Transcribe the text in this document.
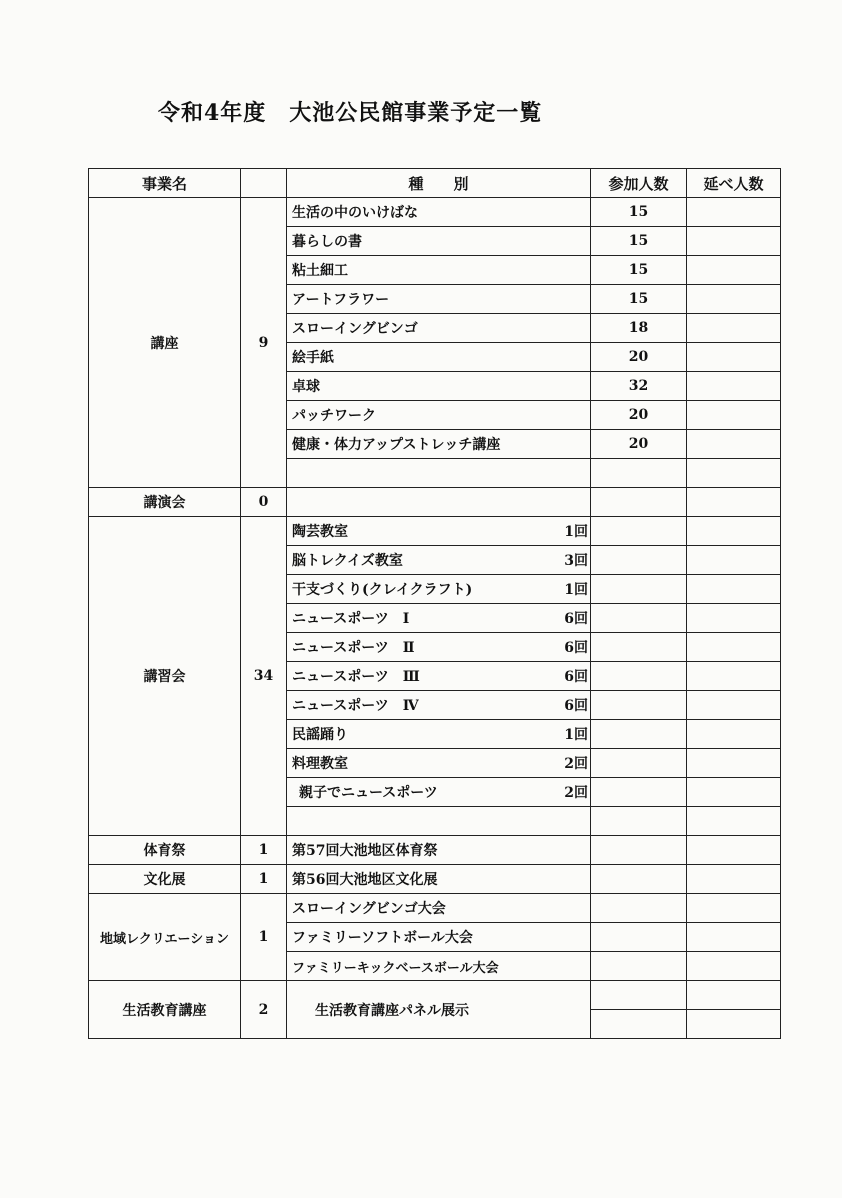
令和4年度　大池公民館事業予定一覧
事業名		種　　別	参加人数	延べ人数
講座	9	生活の中のいけばな	15	
		暮らしの書	15	
		粘土細工	15	
		アートフラワー	15	
		スローイングビンゴ	18	
		絵手紙	20	
		卓球	32	
		パッチワーク	20	
		健康・体力アップストレッチ講座	20	

講演会	0			
講習会	34	陶芸教室 1回		

		脳トレクイズ教室 3回		

		干支づくり(クレイクラフト) 1回		

		ニュースポーツ　Ⅰ 6回		

		ニュースポーツ　Ⅱ 6回		

		ニュースポーツ　Ⅲ 6回		

		ニュースポーツ　Ⅳ 6回		

		民謡踊り 1回		

		料理教室 2回		

		親子でニュースポーツ 2回		

体育祭	1	第57回大池地区体育祭		
文化展	1	第56回大池地区文化展		
地域レクリエーション	1	スローイングビンゴ大会		
		ファミリーソフトボール大会		
		ファミリーキックベースボール大会		
生活教育講座	2	生活教育講座パネル展示		
